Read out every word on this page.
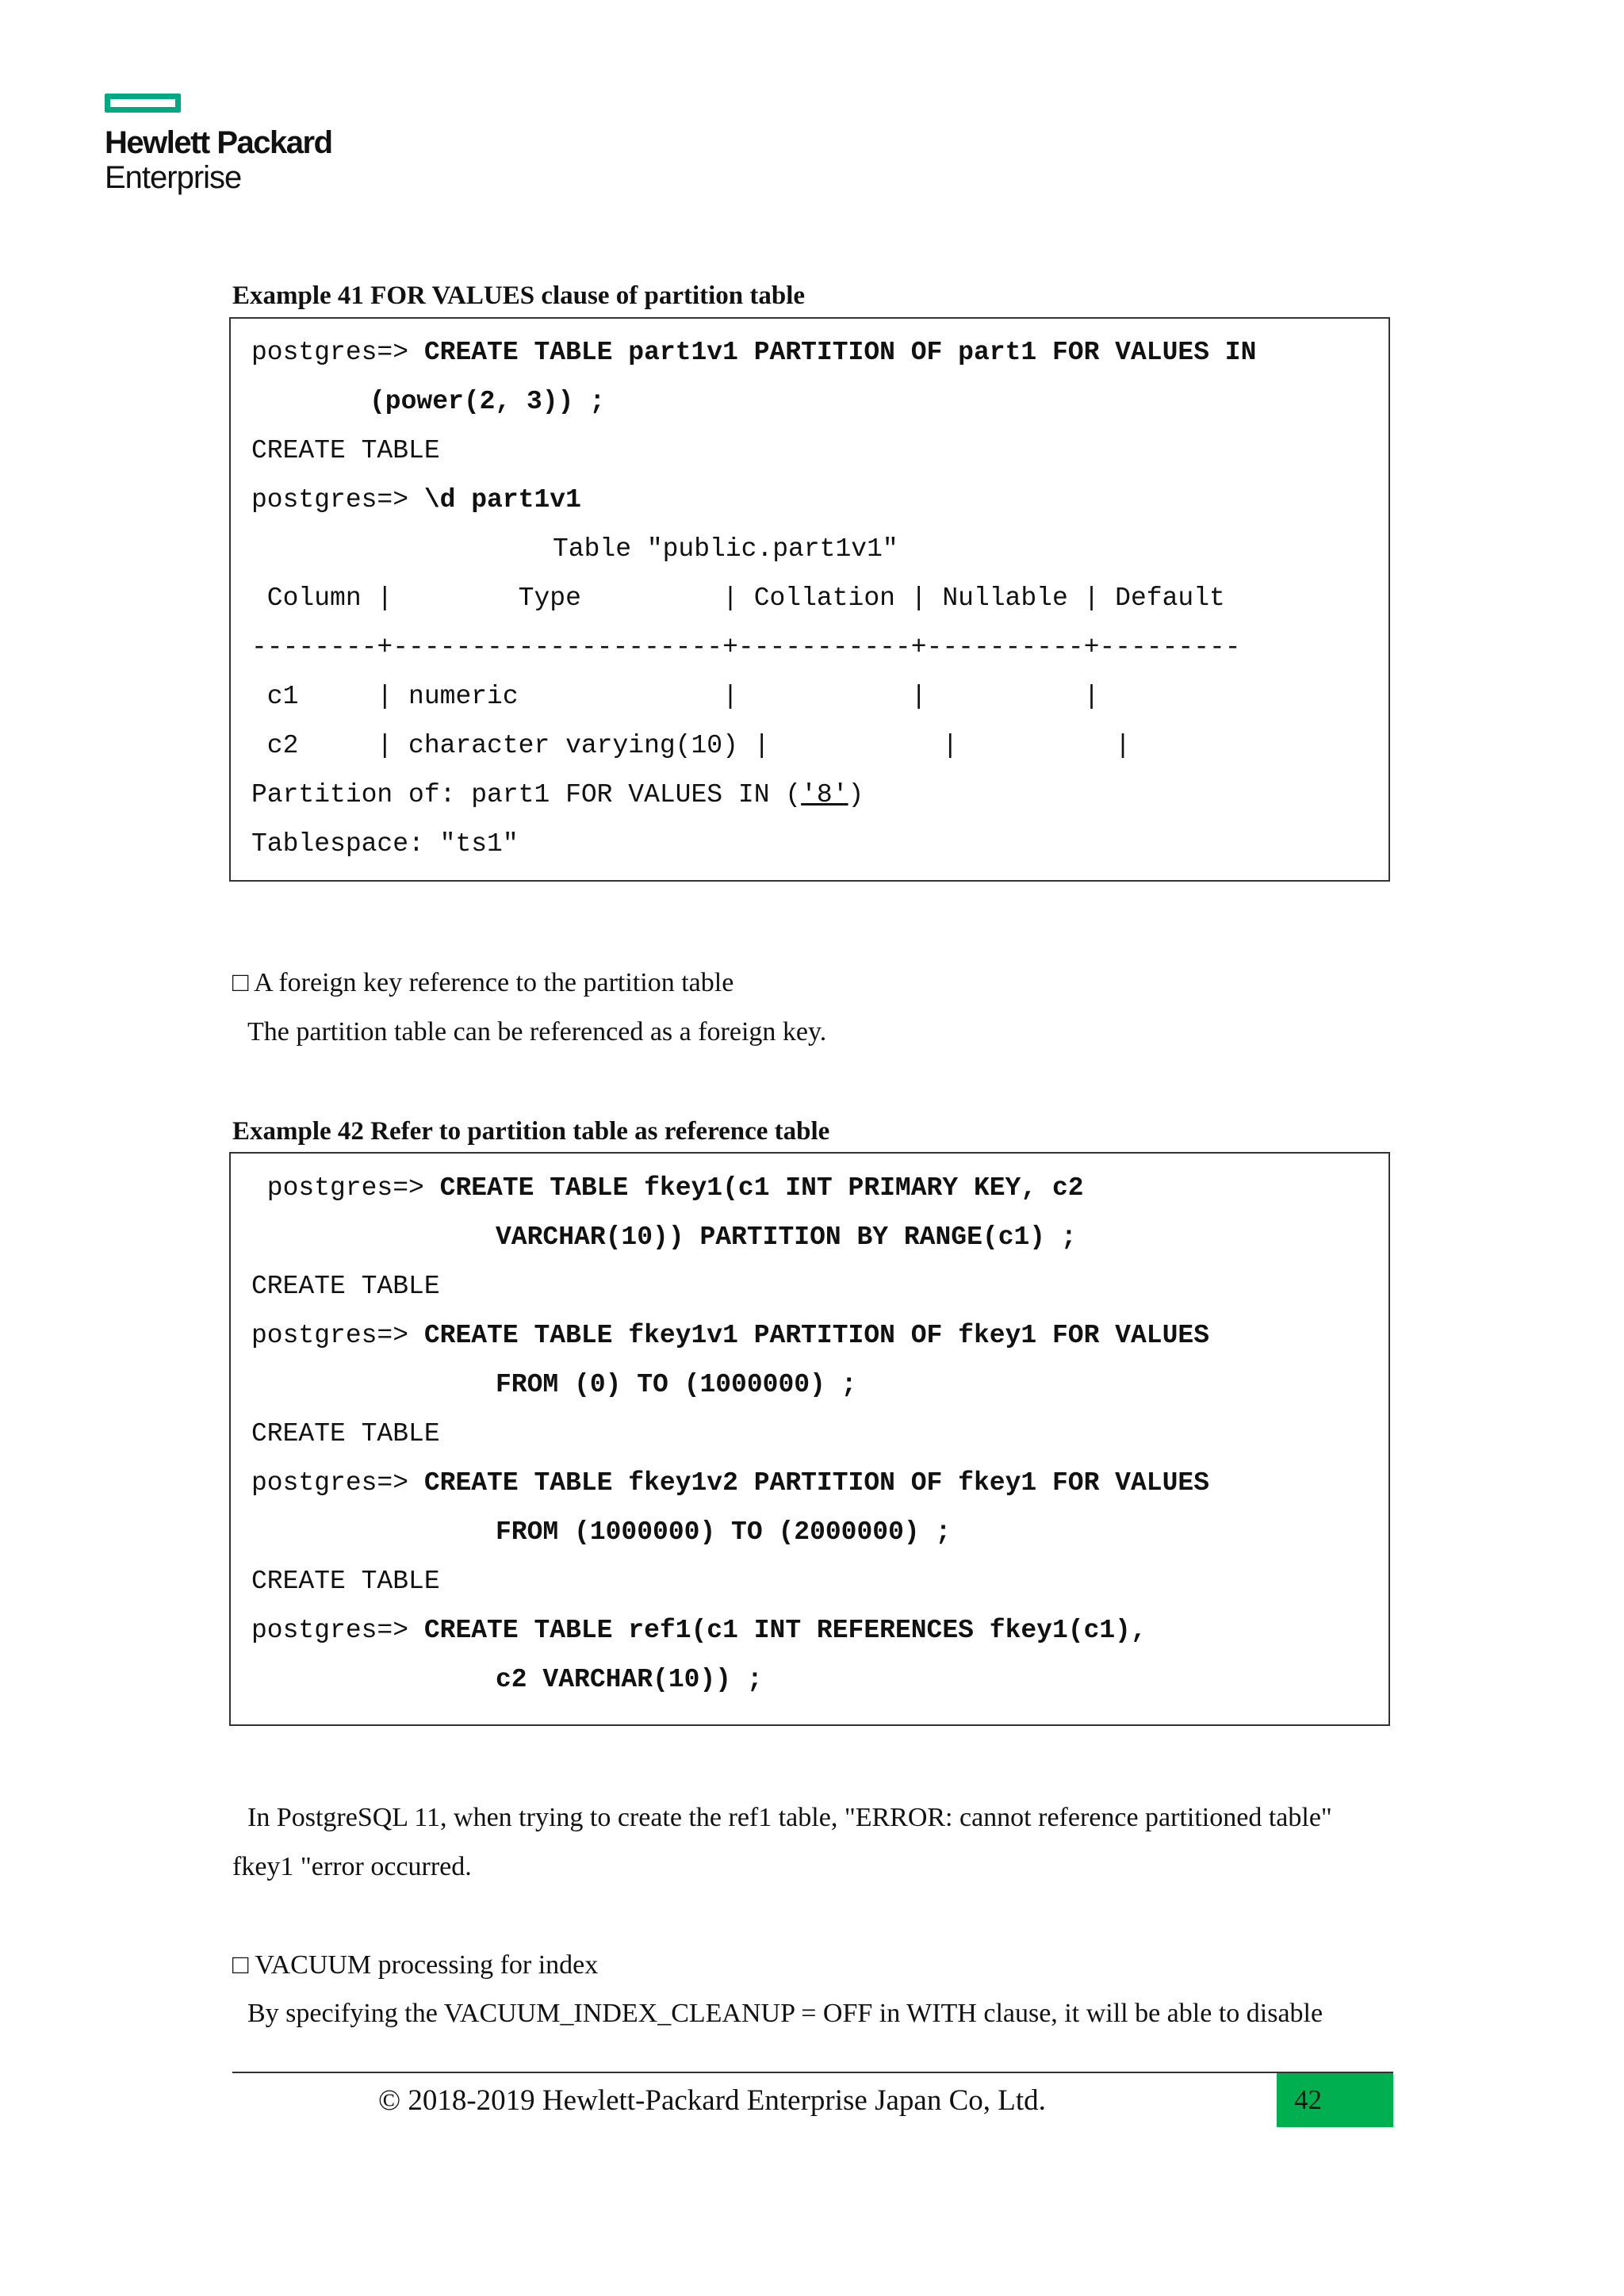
Hewlett Packard
Enterprise
Example 41 FOR VALUES clause of partition table
postgres=> CREATE TABLE part1v1 PARTITION OF part1 FOR VALUES IN
(power(2, 3)) ;
CREATE TABLE
postgres=> \d part1v1
Table "public.part1v1"
Column |        Type         | Collation | Nullable | Default
--------+---------------------+-----------+----------+---------
c1     | numeric             |           |          |
c2     | character varying(10) |           |          |
Partition of: part1 FOR VALUES IN ('8')
Tablespace: "ts1"
□ A foreign key reference to the partition table
The partition table can be referenced as a foreign key.
Example 42 Refer to partition table as reference table
postgres=> CREATE TABLE fkey1(c1 INT PRIMARY KEY, c2
VARCHAR(10)) PARTITION BY RANGE(c1) ;
CREATE TABLE
postgres=> CREATE TABLE fkey1v1 PARTITION OF fkey1 FOR VALUES
FROM (0) TO (1000000) ;
CREATE TABLE
postgres=> CREATE TABLE fkey1v2 PARTITION OF fkey1 FOR VALUES
FROM (1000000) TO (2000000) ;
CREATE TABLE
postgres=> CREATE TABLE ref1(c1 INT REFERENCES fkey1(c1),
c2 VARCHAR(10)) ;
In PostgreSQL 11, when trying to create the ref1 table, "ERROR: cannot reference partitioned table"
fkey1 "error occurred.
□ VACUUM processing for index
By specifying the VACUUM_INDEX_CLEANUP = OFF in WITH clause, it will be able to disable
© 2018-2019 Hewlett-Packard Enterprise Japan Co, Ltd.	42
